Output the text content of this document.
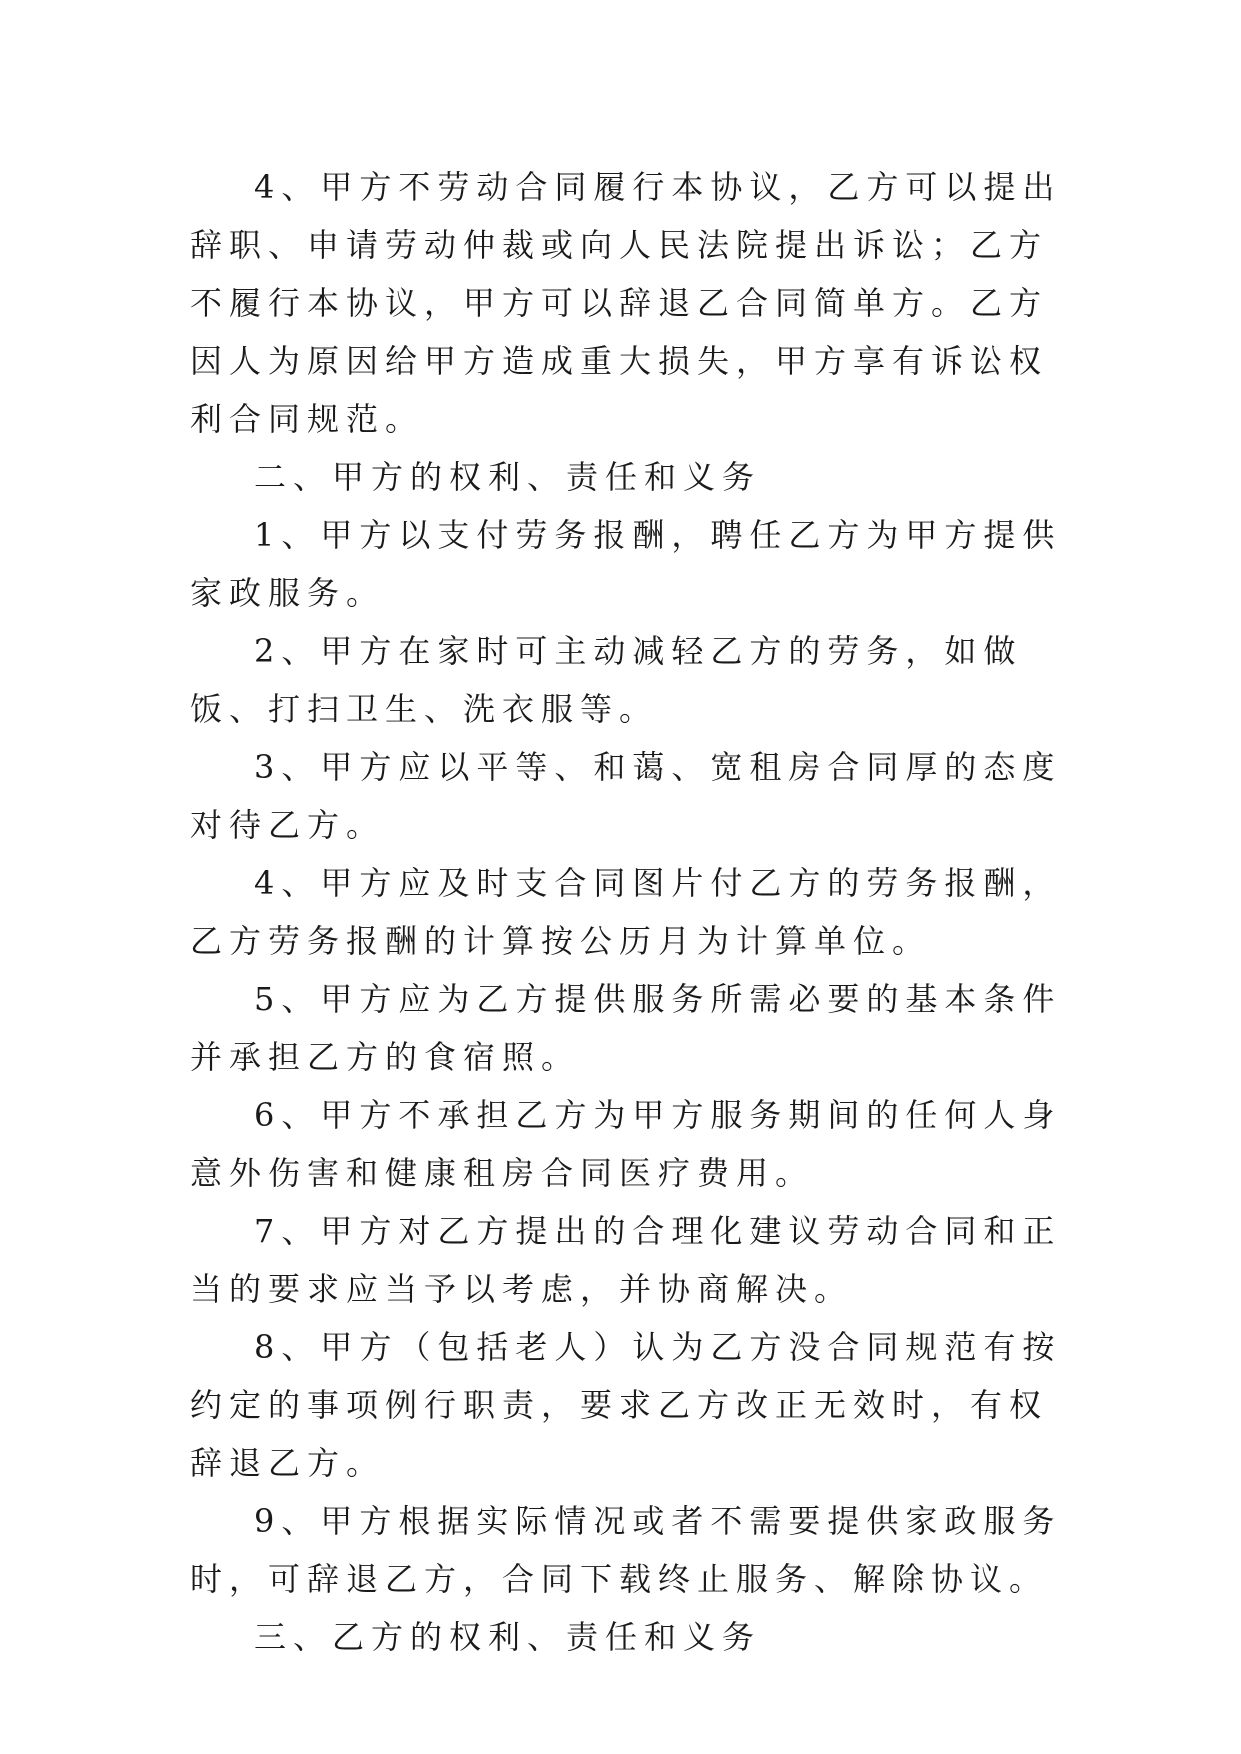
4、甲方不劳动合同履行本协议，乙方可以提出辞职、申请劳动仲裁或向人民法院提出诉讼；乙方不履行本协议，甲方可以辞退乙合同简单方。乙方因人为原因给甲方造成重大损失，甲方享有诉讼权利合同规范。

二、甲方的权利、责任和义务

1、甲方以支付劳务报酬，聘任乙方为甲方提供家政服务。

2、甲方在家时可主动减轻乙方的劳务，如做饭、打扫卫生、洗衣服等。

3、甲方应以平等、和蔼、宽租房合同厚的态度对待乙方。

4、甲方应及时支合同图片付乙方的劳务报酬，乙方劳务报酬的计算按公历月为计算单位。

5、甲方应为乙方提供服务所需必要的基本条件并承担乙方的食宿照。

6、甲方不承担乙方为甲方服务期间的任何人身意外伤害和健康租房合同医疗费用。

7、甲方对乙方提出的合理化建议劳动合同和正当的要求应当予以考虑，并协商解决。

8、甲方（包括老人）认为乙方没合同规范有按约定的事项例行职责，要求乙方改正无效时，有权辞退乙方。

9、甲方根据实际情况或者不需要提供家政服务时，可辞退乙方，合同下载终止服务、解除协议。

三、乙方的权利、责任和义务
